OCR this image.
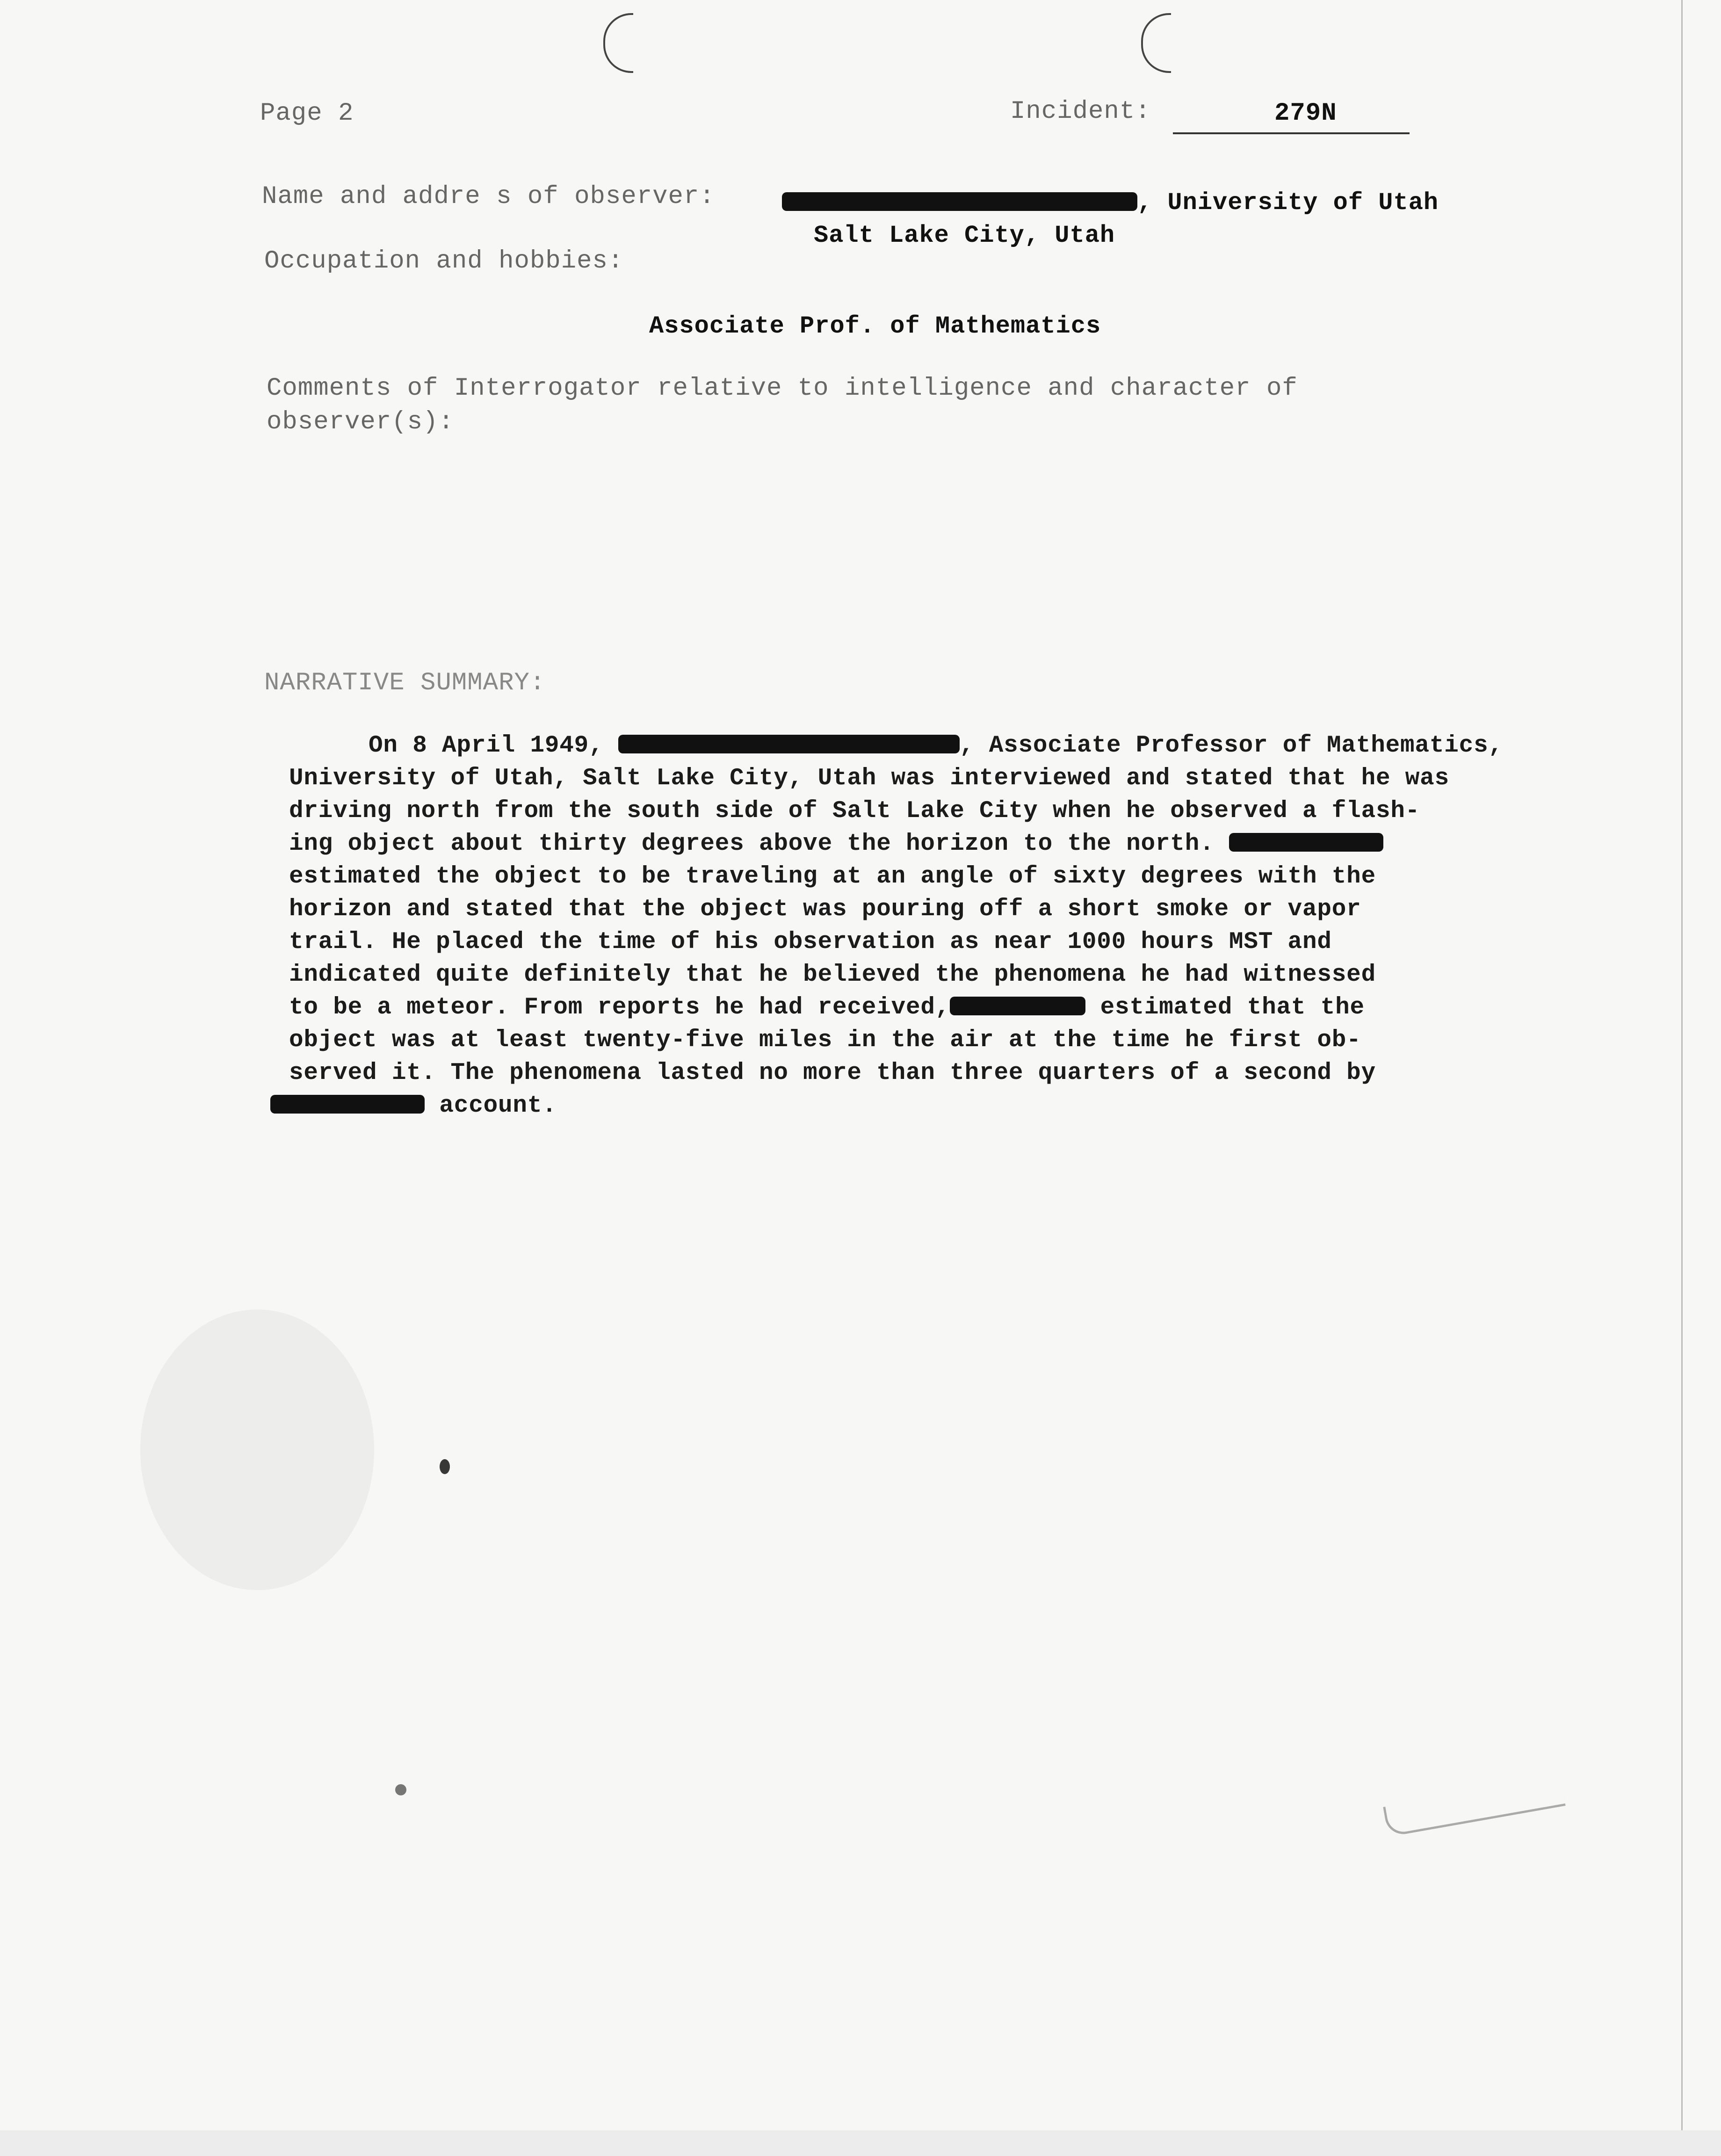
Page 2	Incident:	279N
Name and addre s of observer:	, University of Utah
Salt Lake City, Utah
Occupation and hobbies:
Associate Prof. of Mathematics
Comments of Interrogator relative to intelligence and character of
observer(s):
NARRATIVE SUMMARY:
On 8 April 1949,	, Associate Professor of Mathematics,
University of Utah, Salt Lake City, Utah was interviewed and stated that he was
driving north from the south side of Salt Lake City when he observed a flash-
ing object about thirty degrees above the horizon to the north.
estimated the object to be traveling at an angle of sixty degrees with the
horizon and stated that the object was pouring off a short smoke or vapor
trail. He placed the time of his observation as near 1000 hours MST and
indicated quite definitely that he believed the phenomena he had witnessed
to be a meteor. From reports he had received,	estimated that the
object was at least twenty-five miles in the air at the time he first ob-
served it. The phenomena lasted no more than three quarters of a second by
account.
